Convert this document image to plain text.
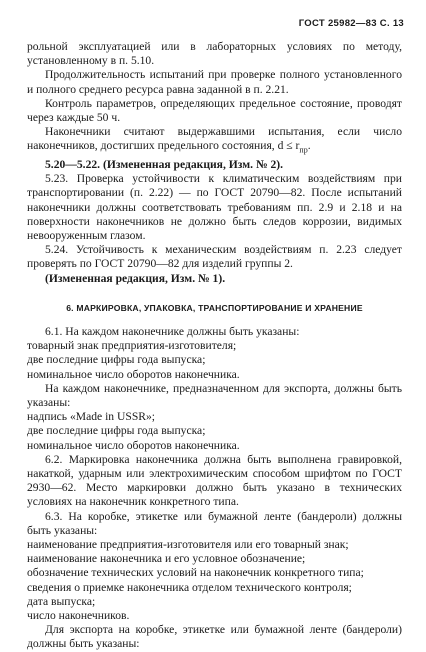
ГОСТ 25982—83 С. 13

рольной эксплуатацией или в лабораторных условиях по методу, установленному в п. 5.10.

Продолжительность испытаний при проверке полного установленного и полного среднего ресурса равна заданной в п. 2.21.

Контроль параметров, определяющих предельное состояние, проводят через каждые 50 ч.

Наконечники считают выдержавшими испытания, если число наконечников, достигших предельного состояния, $d \le r_{пр}$.

5.20—5.22. (Измененная редакция, Изм. № 2).

5.23. Проверка устойчивости к климатическим воздействиям при транспортировании (п. 2.22) — по ГОСТ 20790—82. После испытаний наконечники должны соответствовать требованиям пп. 2.9 и 2.18 и на поверхности наконечников не должно быть следов коррозии, видимых невооруженным глазом.

5.24. Устойчивость к механическим воздействиям п. 2.23 следует проверять по ГОСТ 20790—82 для изделий группы 2.

(Измененная редакция, Изм. № 1).

6. МАРКИРОВКА, УПАКОВКА, ТРАНСПОРТИРОВАНИЕ И ХРАНЕНИЕ

6.1. На каждом наконечнике должны быть указаны:

товарный знак предприятия-изготовителя;

две последние цифры года выпуска;

номинальное число оборотов наконечника.

На каждом наконечнике, предназначенном для экспорта, должны быть указаны:

надпись «Made in USSR»;

две последние цифры года выпуска;

номинальное число оборотов наконечника.

6.2. Маркировка наконечника должна быть выполнена гравировкой, накаткой, ударным или электрохимическим способом шрифтом по ГОСТ 2930—62. Место маркировки должно быть указано в технических условиях на наконечник конкретного типа.

6.3. На коробке, этикетке или бумажной ленте (бандероли) должны быть указаны:

наименование предприятия-изготовителя или его товарный знак;

наименование наконечника и его условное обозначение;

обозначение технических условий на наконечник конкретного типа;

сведения о приемке наконечника отделом технического контроля;

дата выпуска;

число наконечников.

Для экспорта на коробке, этикетке или бумажной ленте (бандероли) должны быть указаны:
